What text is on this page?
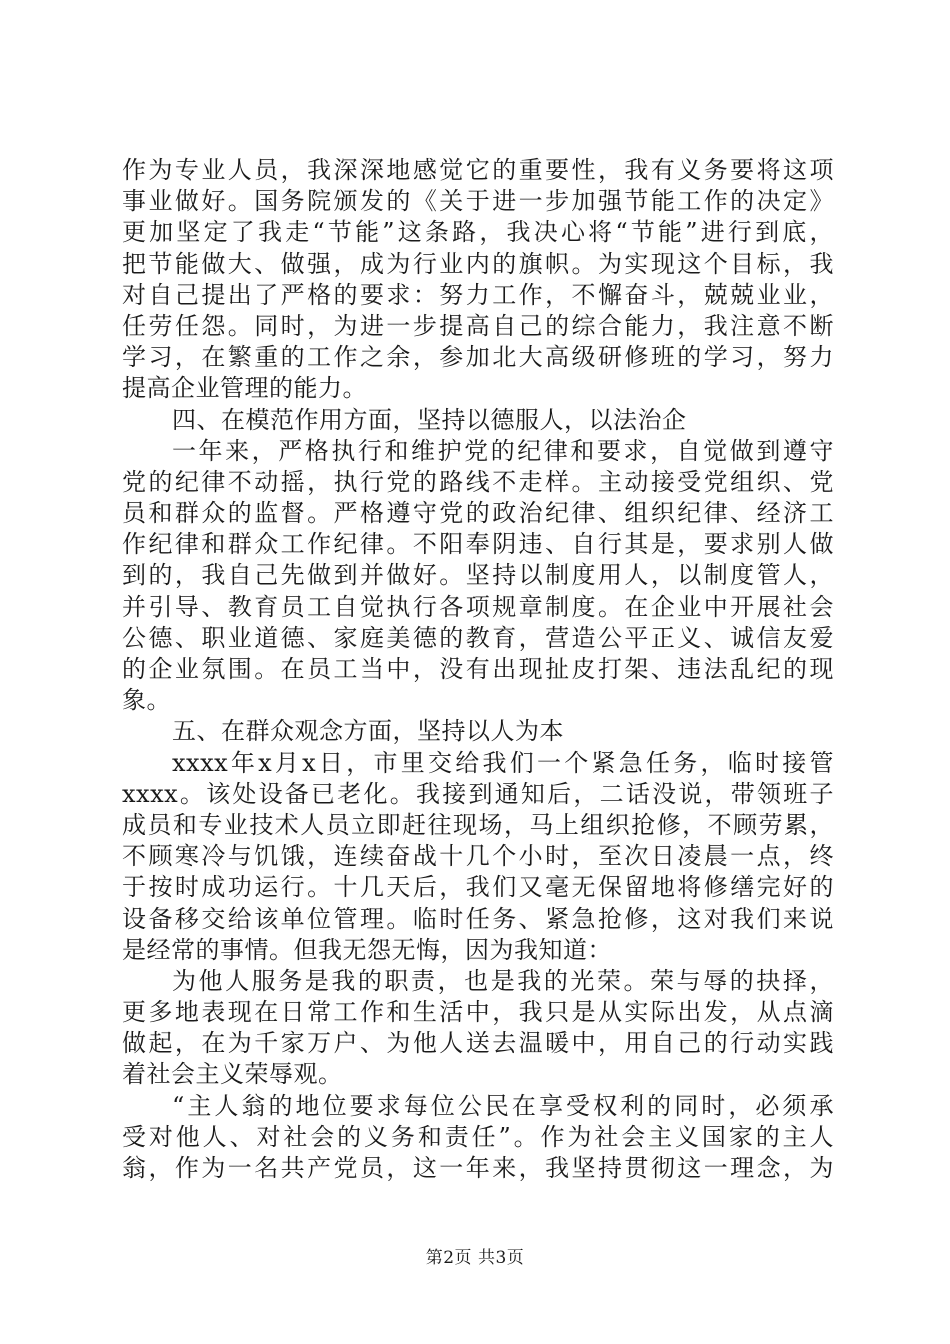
作为专业人员，我深深地感觉它的重要性，我有义务要将这项
事业做好。国务院颁发的《关于进一步加强节能工作的决定》
更加坚定了我走“节能”这条路，我决心将“节能”进行到底，
把节能做大、做强，成为行业内的旗帜。为实现这个目标，我
对自己提出了严格的要求：努力工作，不懈奋斗，兢兢业业，
任劳任怨。同时，为进一步提高自己的综合能力，我注意不断
学习，在繁重的工作之余，参加北大高级研修班的学习，努力
提高企业管理的能力。
四、在模范作用方面，坚持以德服人，以法治企
一年来，严格执行和维护党的纪律和要求，自觉做到遵守
党的纪律不动摇，执行党的路线不走样。主动接受党组织、党
员和群众的监督。严格遵守党的政治纪律、组织纪律、经济工
作纪律和群众工作纪律。不阳奉阴违、自行其是，要求别人做
到的，我自己先做到并做好。坚持以制度用人，以制度管人，
并引导、教育员工自觉执行各项规章制度。在企业中开展社会
公德、职业道德、家庭美德的教育，营造公平正义、诚信友爱
的企业氛围。在员工当中，没有出现扯皮打架、违法乱纪的现
象。
五、在群众观念方面，坚持以人为本
xxxx年x月x日，市里交给我们一个紧急任务，临时接管
xxxx。该处设备已老化。我接到通知后，二话没说，带领班子
成员和专业技术人员立即赶往现场，马上组织抢修，不顾劳累，
不顾寒冷与饥饿，连续奋战十几个小时，至次日凌晨一点，终
于按时成功运行。十几天后，我们又毫无保留地将修缮完好的
设备移交给该单位管理。临时任务、紧急抢修，这对我们来说
是经常的事情。但我无怨无悔，因为我知道：
为他人服务是我的职责，也是我的光荣。荣与辱的抉择，
更多地表现在日常工作和生活中，我只是从实际出发，从点滴
做起，在为千家万户、为他人送去温暖中，用自己的行动实践
着社会主义荣辱观。
“主人翁的地位要求每位公民在享受权利的同时，必须承
受对他人、对社会的义务和责任”。作为社会主义国家的主人
翁，作为一名共产党员，这一年来，我坚持贯彻这一理念，为
第2页 共3页
